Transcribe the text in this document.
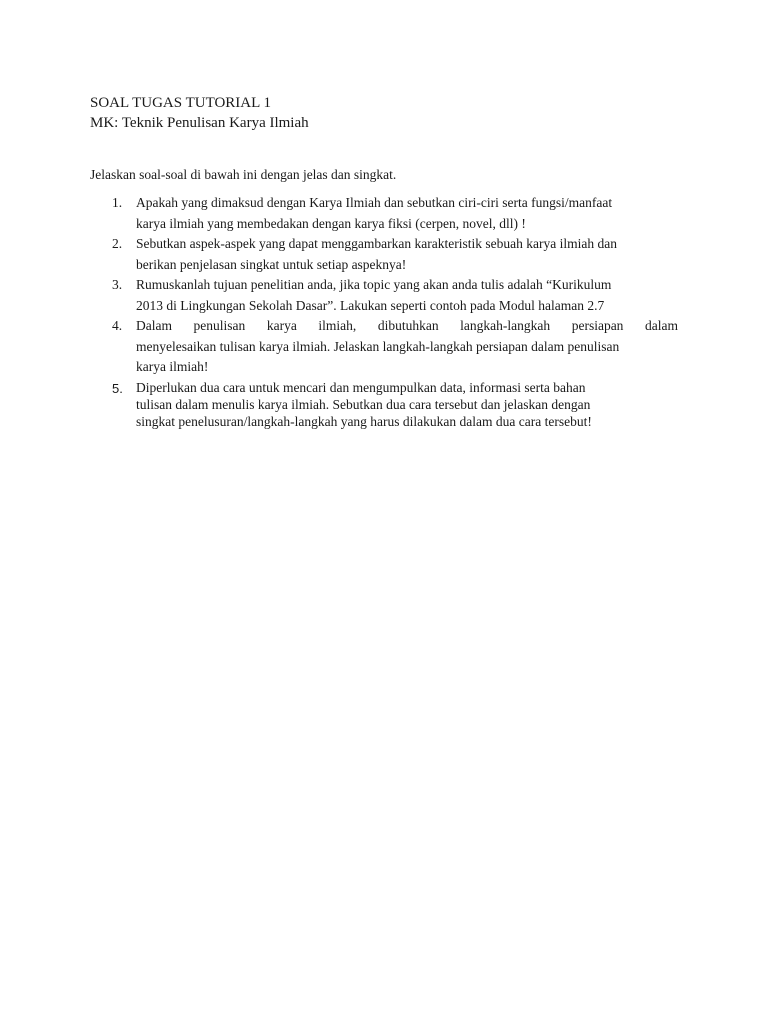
SOAL TUGAS TUTORIAL 1
MK: Teknik Penulisan Karya Ilmiah
Jelaskan soal-soal di bawah ini dengan jelas dan singkat.
1. Apakah yang dimaksud dengan Karya Ilmiah dan sebutkan ciri-ciri serta fungsi/manfaat
karya ilmiah yang membedakan dengan karya fiksi (cerpen, novel, dll) !
2. Sebutkan aspek-aspek yang dapat menggambarkan karakteristik sebuah karya ilmiah dan
berikan penjelasan singkat untuk setiap aspeknya!
3. Rumuskanlah tujuan penelitian anda, jika topic yang akan anda tulis adalah “Kurikulum
2013 di Lingkungan Sekolah Dasar”. Lakukan seperti contoh pada Modul halaman 2.7
4. Dalam penulisan karya ilmiah, dibutuhkan langkah-langkah persiapan dalam
menyelesaikan tulisan karya ilmiah. Jelaskan langkah-langkah persiapan dalam penulisan
karya ilmiah!
5. Diperlukan dua cara untuk mencari dan mengumpulkan data, informasi serta bahan
tulisan dalam menulis karya ilmiah. Sebutkan dua cara tersebut dan jelaskan dengan
singkat penelusuran/langkah-langkah yang harus dilakukan dalam dua cara tersebut!
